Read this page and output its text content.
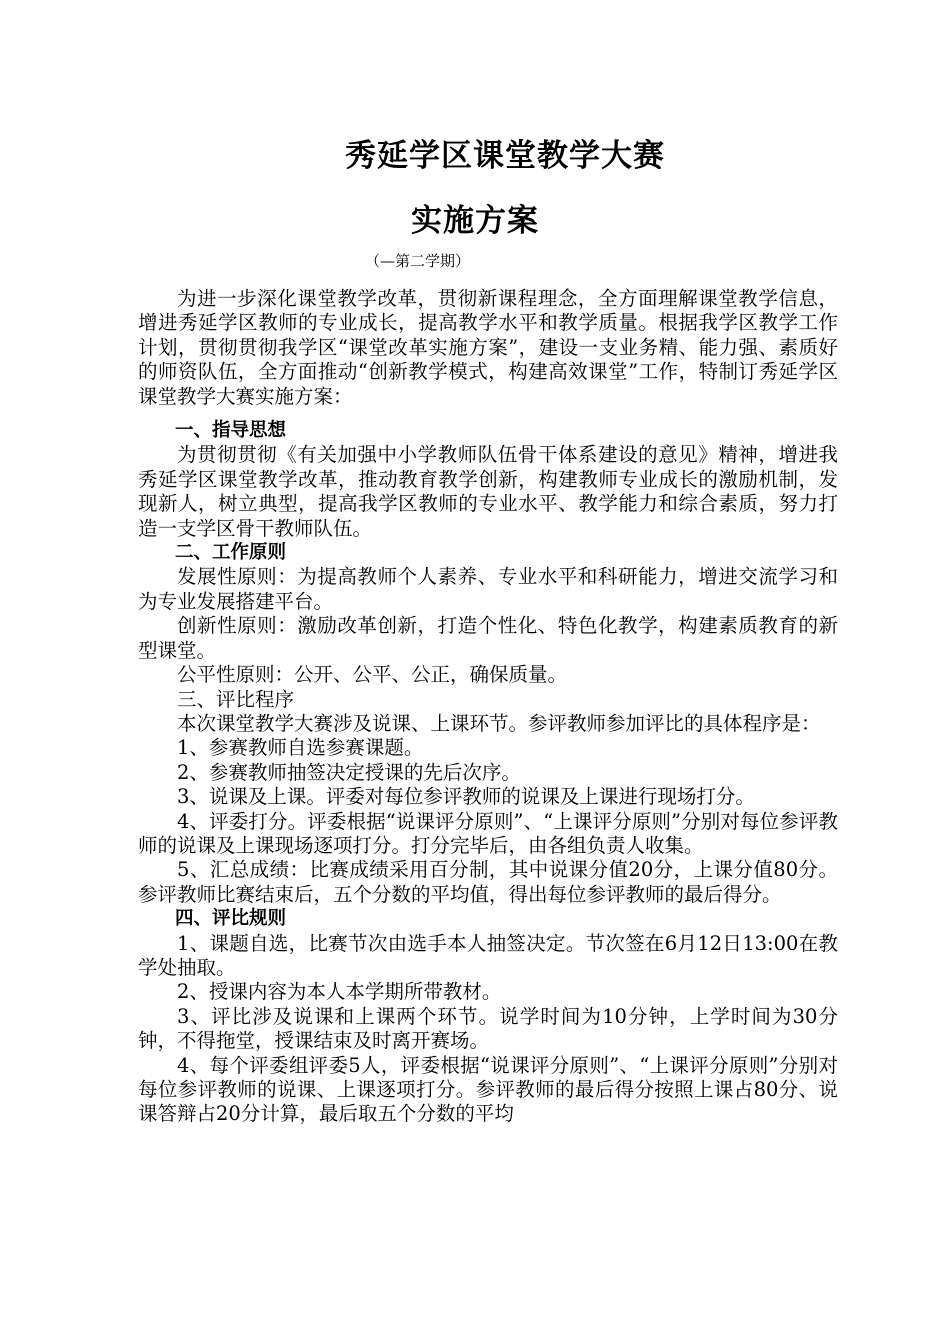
秀延学区课堂教学大赛
实施方案
（—第二学期）

为进一步深化课堂教学改革，贯彻新课程理念，全方面理解课堂教学信息，增进秀延学区教师的专业成长，提高教学水平和教学质量。根据我学区教学工作计划，贯彻贯彻我学区“课堂改革实施方案”，建设一支业务精、能力强、素质好的师资队伍，全方面推动“创新教学模式，构建高效课堂”工作，特制订秀延学区课堂教学大赛实施方案：

一、指导思想

为贯彻贯彻《有关加强中小学教师队伍骨干体系建设的意见》精神，增进我秀延学区课堂教学改革，推动教育教学创新，构建教师专业成长的激励机制，发现新人，树立典型，提高我学区教师的专业水平、教学能力和综合素质，努力打造一支学区骨干教师队伍。

二、工作原则

发展性原则：为提高教师个人素养、专业水平和科研能力，增进交流学习和为专业发展搭建平台。

创新性原则：激励改革创新，打造个性化、特色化教学，构建素质教育的新型课堂。

公平性原则：公开、公平、公正，确保质量。

三、评比程序

本次课堂教学大赛涉及说课、上课环节。参评教师参加评比的具体程序是：

1、参赛教师自选参赛课题。

2、参赛教师抽签决定授课的先后次序。

3、说课及上课。评委对每位参评教师的说课及上课进行现场打分。

4、评委打分。评委根据“说课评分原则”、“上课评分原则”分别对每位参评教师的说课及上课现场逐项打分。打分完毕后，由各组负责人收集。

5、汇总成绩：比赛成绩采用百分制，其中说课分值20分，上课分值80分。参评教师比赛结束后，五个分数的平均值，得出每位参评教师的最后得分。

四、评比规则

1、课题自选，比赛节次由选手本人抽签决定。节次签在6月12日13:00在教学处抽取。

2、授课内容为本人本学期所带教材。

3、评比涉及说课和上课两个环节。说学时间为10分钟，上学时间为30分钟，不得拖堂，授课结束及时离开赛场。

4、每个评委组评委5人，评委根据“说课评分原则”、“上课评分原则”分别对每位参评教师的说课、上课逐项打分。参评教师的最后得分按照上课占80分、说课答辩占20分计算，最后取五个分数的平均
